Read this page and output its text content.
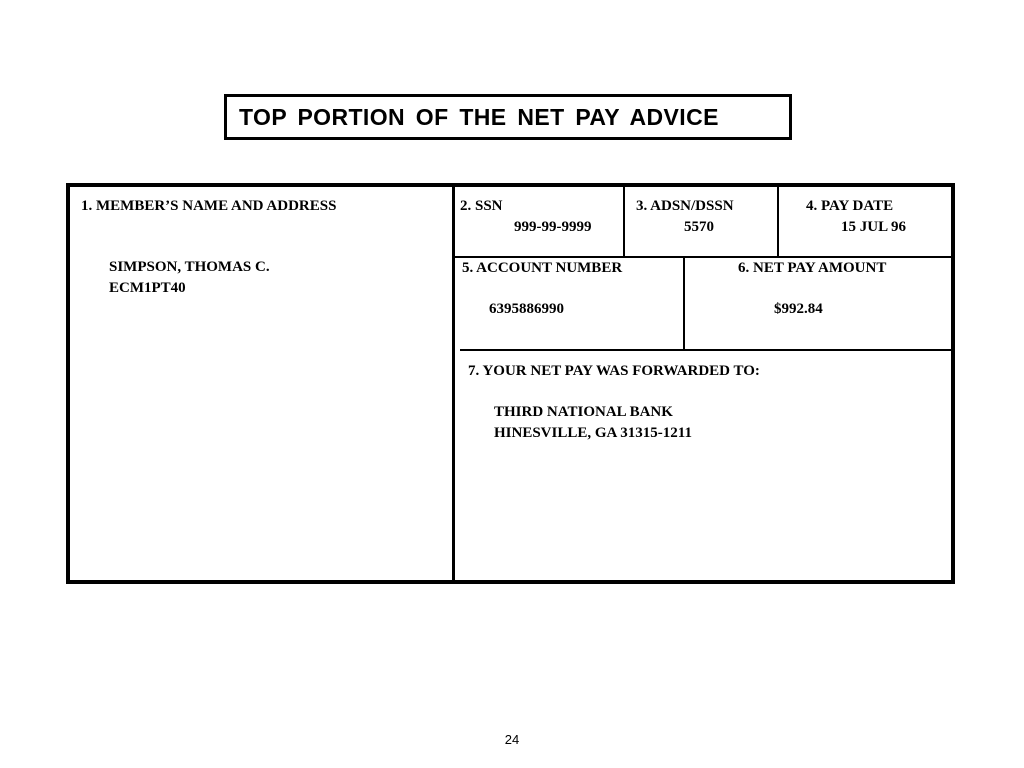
TOP PORTION OF THE NET PAY ADVICE
1. MEMBER’S NAME AND ADDRESS
SIMPSON, THOMAS C.
ECM1PT40
2. SSN
999-99-9999
3. ADSN/DSSN
5570
4. PAY DATE
15 JUL 96
5. ACCOUNT NUMBER
6395886990
6. NET PAY AMOUNT
$992.84
7. YOUR NET PAY WAS FORWARDED TO:
THIRD NATIONAL BANK
HINESVILLE, GA 31315-1211
24
